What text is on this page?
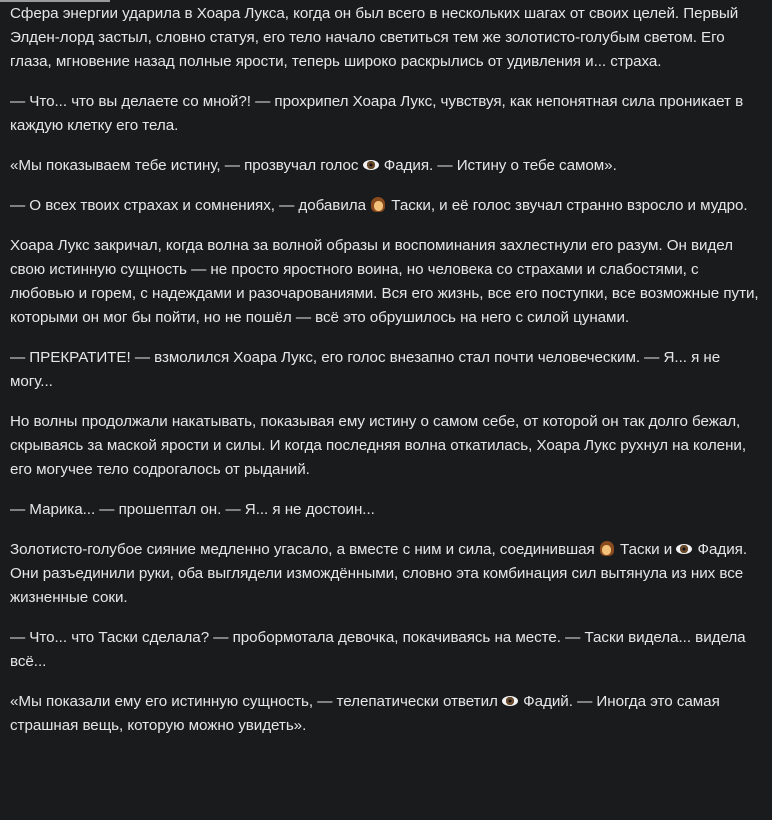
Сфера энергии ударила в Хоара Лукса, когда он был всего в нескольких шагах от своих целей. Первый Элден-лорд застыл, словно статуя, его тело начало светиться тем же золотисто-голубым светом. Его глаза, мгновение назад полные ярости, теперь широко раскрылись от удивления и... страха.

— Что... что вы делаете со мной?! — прохрипел Хоара Лукс, чувствуя, как непонятная сила проникает в каждую клетку его тела.

«Мы показываем тебе истину, — прозвучал голос  Фадия. — Истину о тебе самом».

— О всех твоих страхах и сомнениях, — добавила  Таски, и её голос звучал странно взросло и мудро.

Хоара Лукс закричал, когда волна за волной образы и воспоминания захлестнули его разум. Он видел свою истинную сущность — не просто яростного воина, но человека со страхами и слабостями, с любовью и горем, с надеждами и разочарованиями. Вся его жизнь, все его поступки, все возможные пути, которыми он мог бы пойти, но не пошёл — всё это обрушилось на него с силой цунами.

— ПРЕКРАТИТЕ! — взмолился Хоара Лукс, его голос внезапно стал почти человеческим. — Я... я не могу...

Но волны продолжали накатывать, показывая ему истину о самом себе, от которой он так долго бежал, скрываясь за маской ярости и силы. И когда последняя волна откатилась, Хоара Лукс рухнул на колени, его могучее тело содрогалось от рыданий.

— Марика... — прошептал он. — Я... я не достоин...

Золотисто-голубое сияние медленно угасало, а вместе с ним и сила, соединившая  Таски и  Фадия. Они разъединили руки, оба выглядели измождёнными, словно эта комбинация сил вытянула из них все жизненные соки.

— Что... что Таски сделала? — пробормотала девочка, покачиваясь на месте. — Таски видела... видела всё...

«Мы показали ему его истинную сущность, — телепатически ответил  Фадий. — Иногда это самая страшная вещь, которую можно увидеть».
